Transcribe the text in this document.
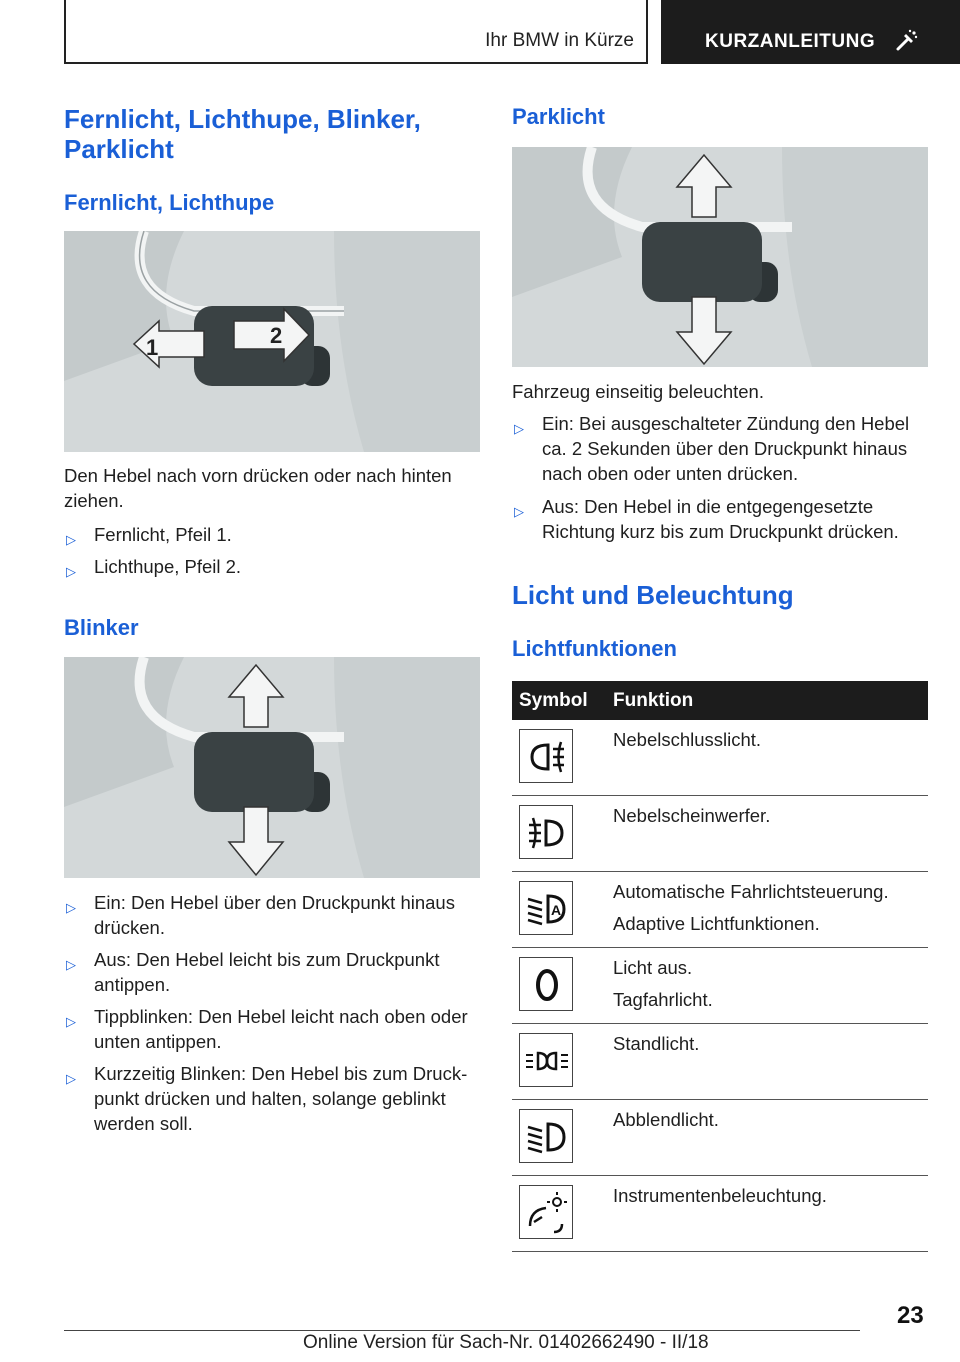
Ihr BMW in Kürze	KURZANLEITUNG
Fernlicht, Lichthupe, Blinker, Parklicht
Fernlicht, Lichthupe
1	2
Den Hebel nach vorn drücken oder nach hinten ziehen.
▷ Fernlicht, Pfeil 1.
▷ Lichthupe, Pfeil 2.
Blinker
▷ Ein: Den Hebel über den Druckpunkt hinaus drücken.
▷ Aus: Den Hebel leicht bis zum Druckpunkt antippen.
▷ Tippblinken: Den Hebel leicht nach oben oder unten antippen.
▷ Kurzzeitig Blinken: Den Hebel bis zum Druck-punkt drücken und halten, solange geblinkt werden soll.
Parklicht
Fahrzeug einseitig beleuchten.
▷ Ein: Bei ausgeschalteter Zündung den Hebel ca. 2 Sekunden über den Druckpunkt hinaus nach oben oder unten drücken.
▷ Aus: Den Hebel in die entgegengesetzte Richtung kurz bis zum Druckpunkt drücken.
Licht und Beleuchtung
Lichtfunktionen
Symbol Funktion
Nebelschlusslicht.
Nebelscheinwerfer.
A
Automatische Fahrlichtsteuerung.
Adaptive Lichtfunktionen.
Licht aus.
Tagfahrlicht.
Standlicht.
Abblendlicht.
Instrumentenbeleuchtung.
23
Online Version für Sach-Nr. 01402662490 - II/18
